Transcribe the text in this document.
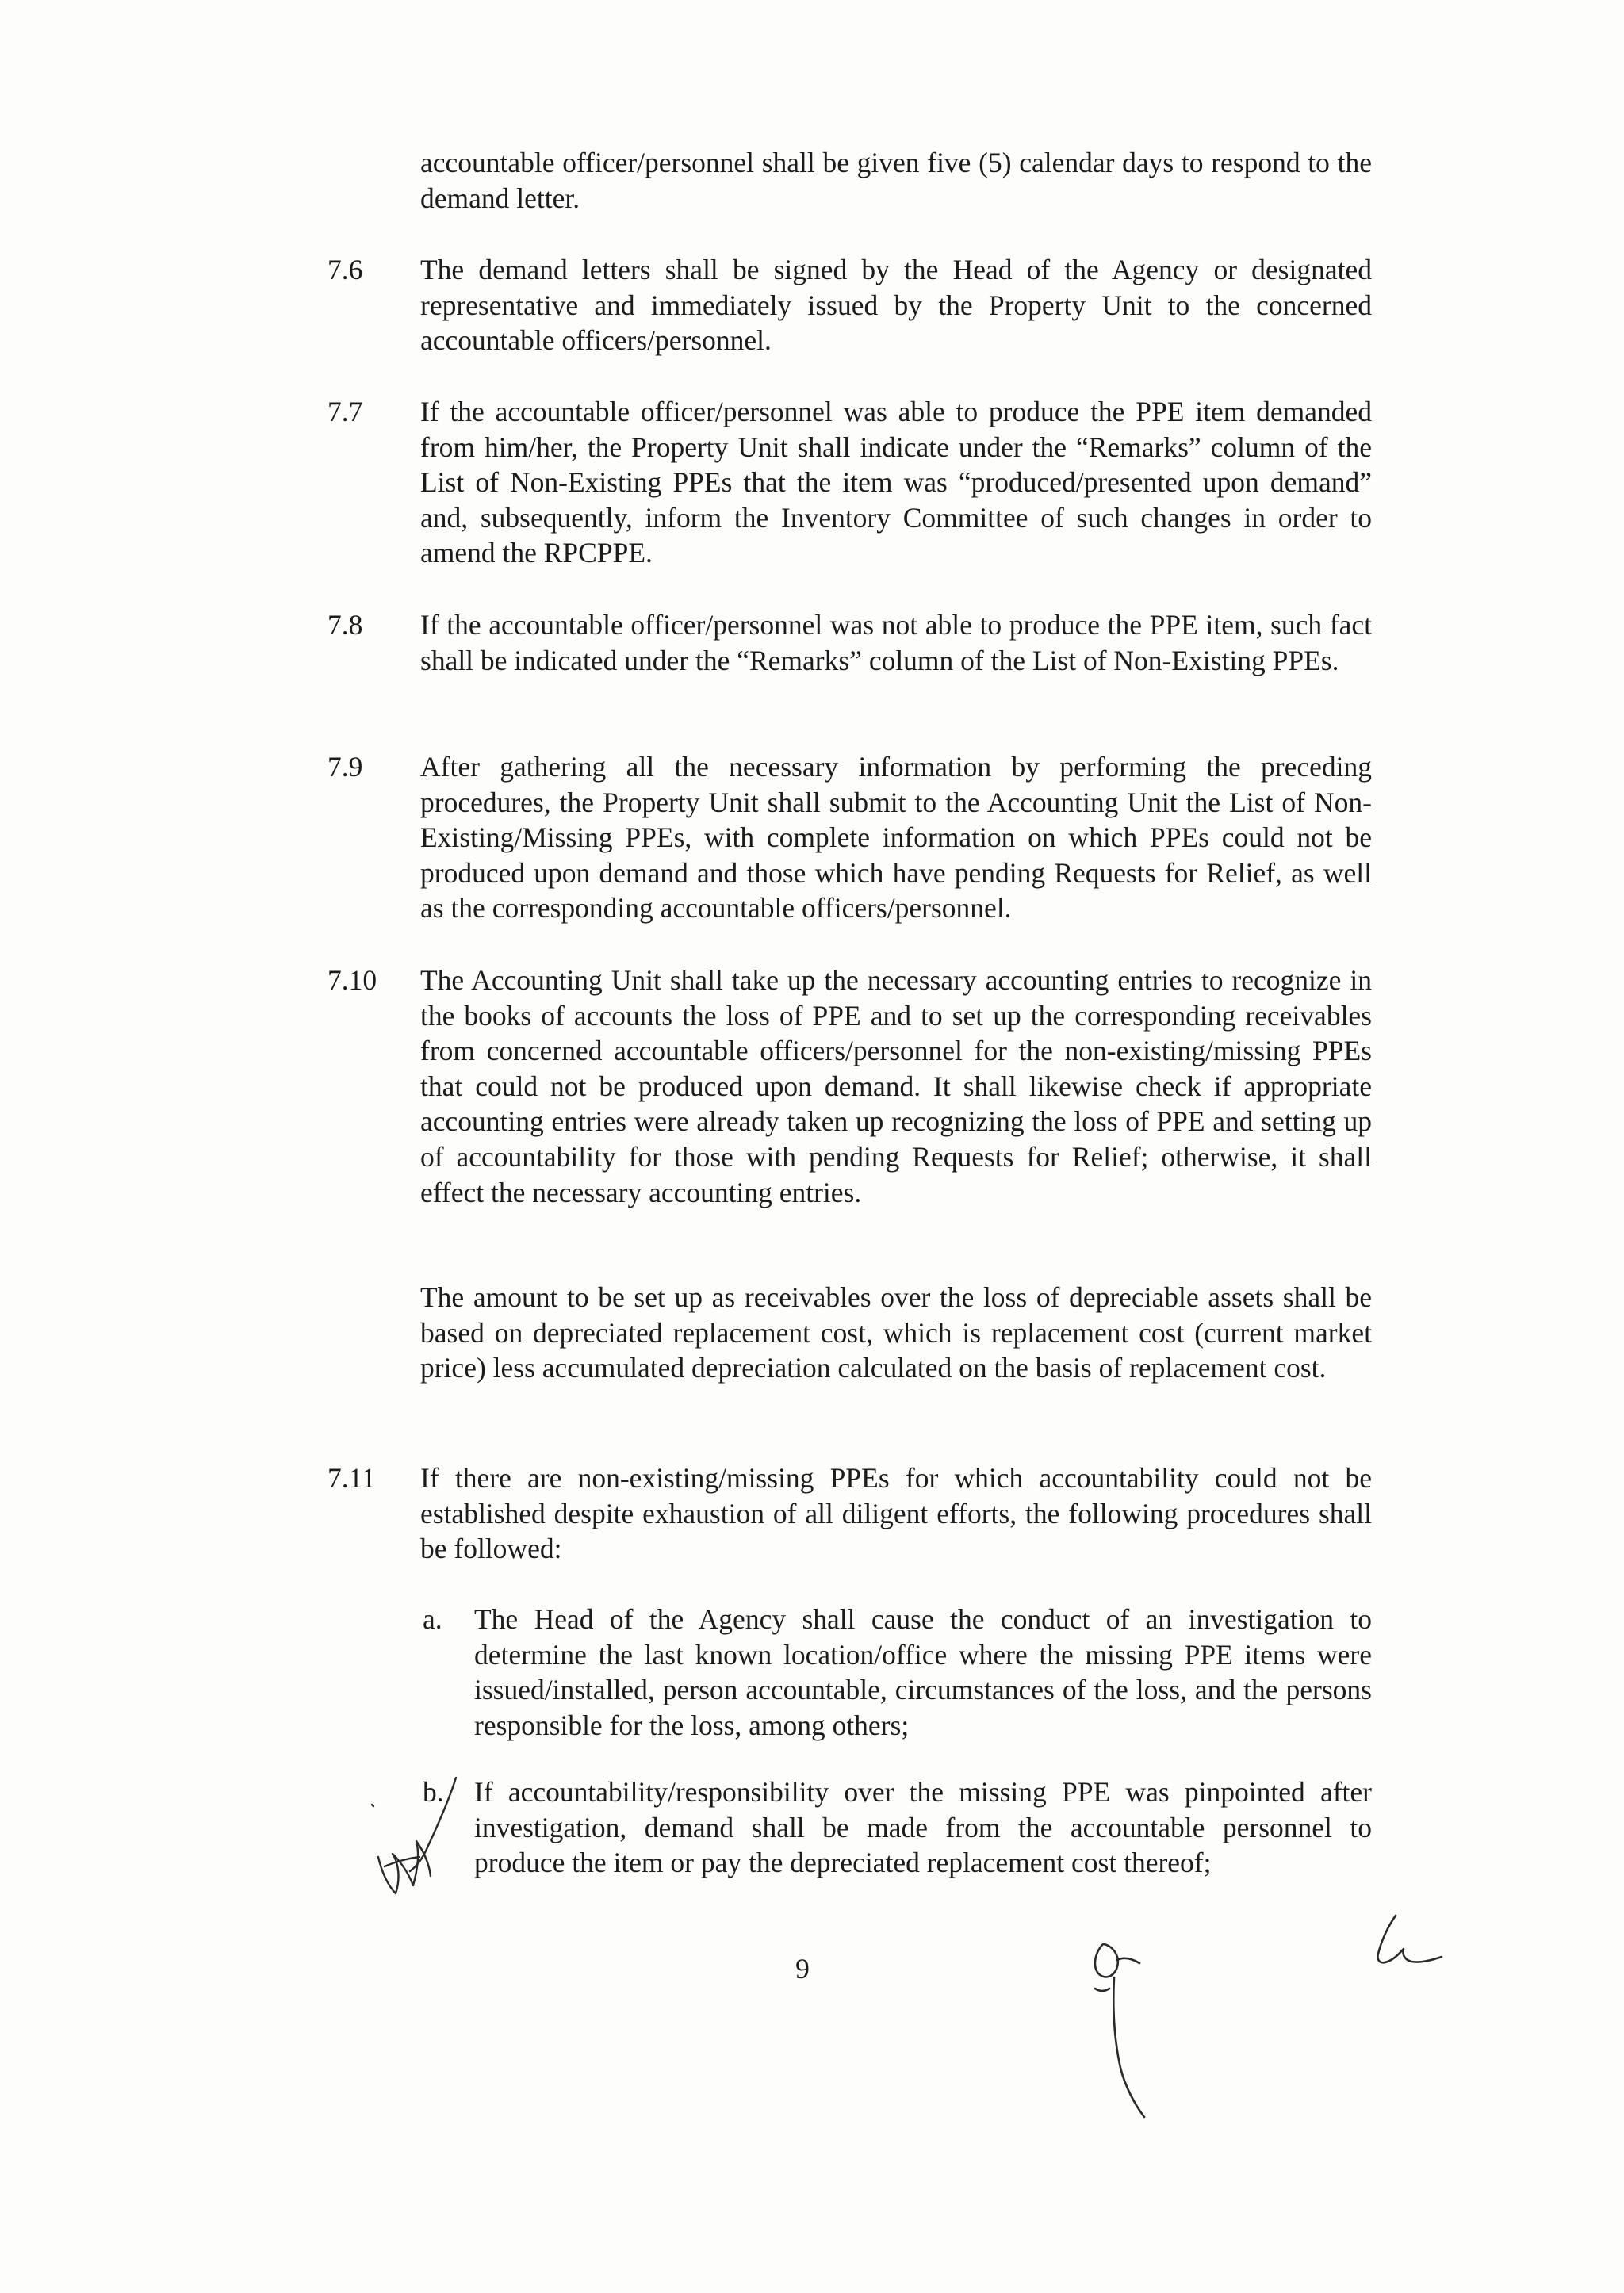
accountable officer/personnel shall be given five (5) calendar days to respond to the demand letter.

7.6 The demand letters shall be signed by the Head of the Agency or designated representative and immediately issued by the Property Unit to the concerned accountable officers/personnel.

7.7 If the accountable officer/personnel was able to produce the PPE item demanded from him/her, the Property Unit shall indicate under the “Remarks” column of the List of Non-Existing PPEs that the item was “produced/presented upon demand” and, subsequently, inform the Inventory Committee of such changes in order to amend the RPCPPE.

7.8 If the accountable officer/personnel was not able to produce the PPE item, such fact shall be indicated under the “Remarks” column of the List of Non-Existing PPEs.

7.9 After gathering all the necessary information by performing the preceding procedures, the Property Unit shall submit to the Accounting Unit the List of Non-Existing/Missing PPEs, with complete information on which PPEs could not be produced upon demand and those which have pending Requests for Relief, as well as the corresponding accountable officers/personnel.

7.10 The Accounting Unit shall take up the necessary accounting entries to recognize in the books of accounts the loss of PPE and to set up the corresponding receivables from concerned accountable officers/personnel for the non-existing/missing PPEs that could not be produced upon demand. It shall likewise check if appropriate accounting entries were already taken up recognizing the loss of PPE and setting up of accountability for those with pending Requests for Relief; otherwise, it shall effect the necessary accounting entries.

The amount to be set up as receivables over the loss of depreciable assets shall be based on depreciated replacement cost, which is replacement cost (current market price) less accumulated depreciation calculated on the basis of replacement cost.

7.11 If there are non-existing/missing PPEs for which accountability could not be established despite exhaustion of all diligent efforts, the following procedures shall be followed:

a. The Head of the Agency shall cause the conduct of an investigation to determine the last known location/office where the missing PPE items were issued/installed, person accountable, circumstances of the loss, and the persons responsible for the loss, among others;

b. If accountability/responsibility over the missing PPE was pinpointed after investigation, demand shall be made from the accountable personnel to produce the item or pay the depreciated replacement cost thereof;

9
